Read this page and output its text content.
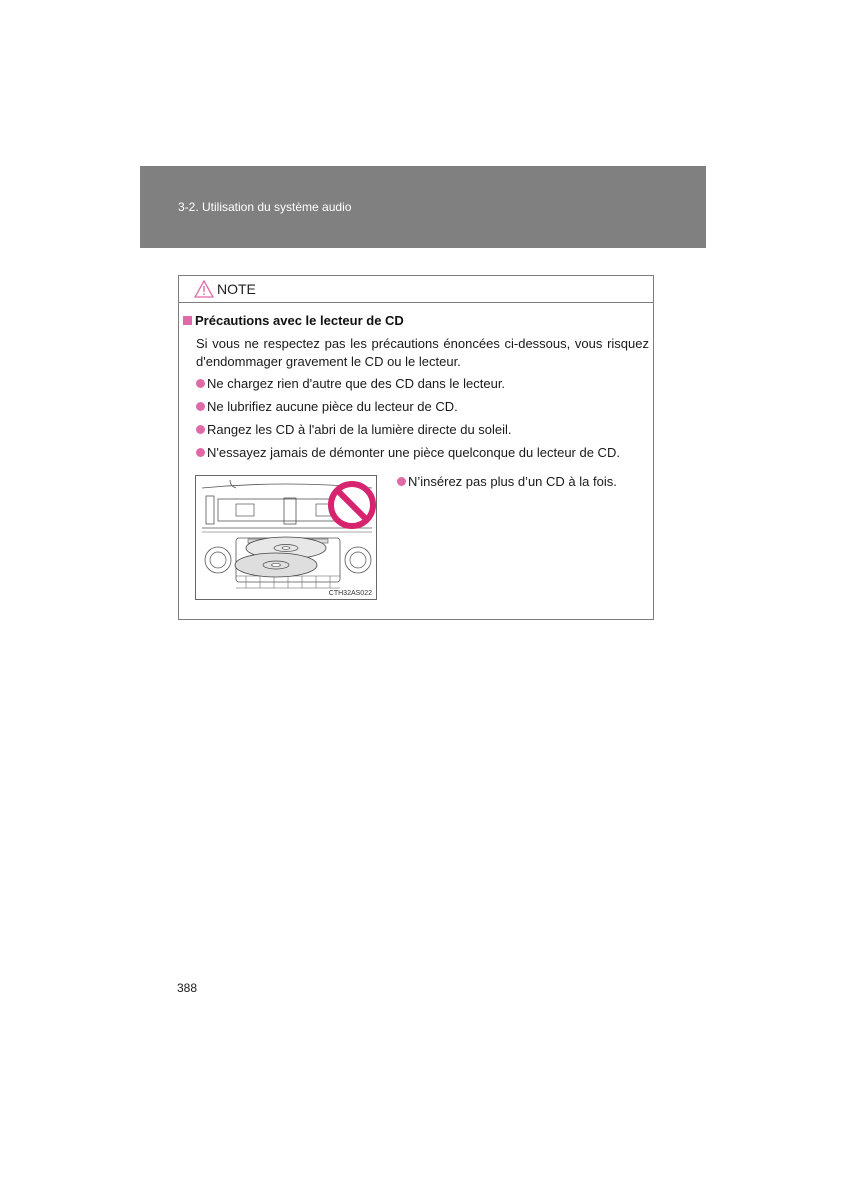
3-2. Utilisation du système audio
NOTE
Précautions avec le lecteur de CD
Si vous ne respectez pas les précautions énoncées ci-dessous, vous risquez d'endommager gravement le CD ou le lecteur.
Ne chargez rien d'autre que des CD dans le lecteur.
Ne lubrifiez aucune pièce du lecteur de CD.
Rangez les CD à l'abri de la lumière directe du soleil.
N'essayez jamais de démonter une pièce quelconque du lecteur de CD.
N’insérez pas plus d’un CD à la fois.
CTH32AS022
388
